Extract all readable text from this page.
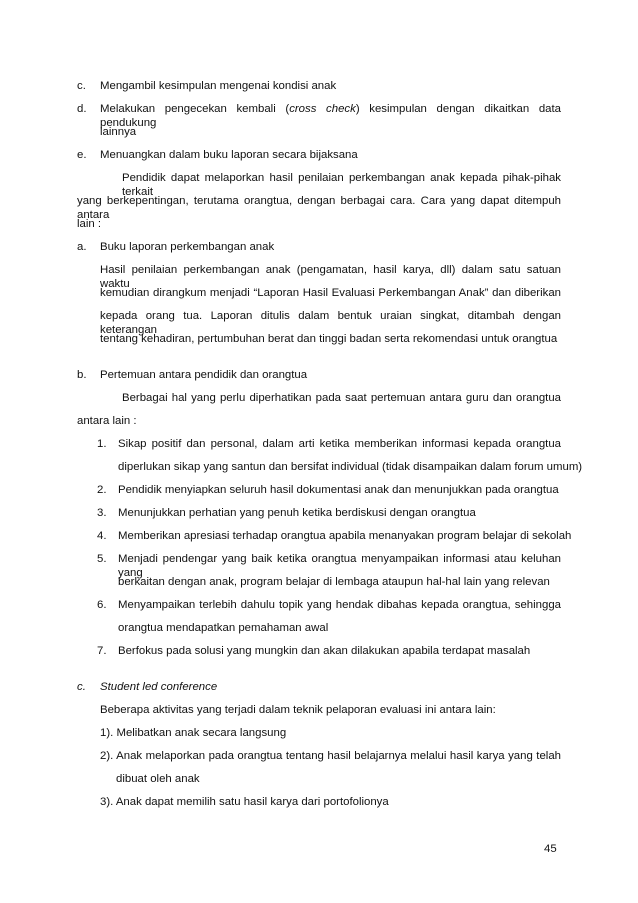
c. Mengambil kesimpulan mengenai kondisi anak
d. Melakukan pengecekan kembali (cross check) kesimpulan dengan dikaitkan data pendukung
lainnya
e. Menuangkan dalam buku laporan secara bijaksana
Pendidik dapat melaporkan hasil penilaian perkembangan anak kepada pihak-pihak terkait
yang berkepentingan, terutama orangtua, dengan berbagai cara. Cara yang dapat ditempuh antara
lain :
a. Buku laporan perkembangan anak
Hasil penilaian perkembangan anak (pengamatan, hasil karya, dll) dalam satu satuan waktu
kemudian dirangkum menjadi “Laporan Hasil Evaluasi Perkembangan Anak” dan diberikan
kepada orang tua. Laporan ditulis dalam bentuk uraian singkat, ditambah dengan keterangan
tentang kehadiran, pertumbuhan berat dan tinggi badan serta rekomendasi untuk orangtua
b. Pertemuan antara pendidik dan orangtua
Berbagai hal yang perlu diperhatikan pada saat pertemuan antara guru dan orangtua
antara lain :
1. Sikap positif dan personal, dalam arti ketika memberikan informasi kepada orangtua
diperlukan sikap yang santun dan bersifat individual (tidak disampaikan dalam forum umum)
2. Pendidik menyiapkan seluruh hasil dokumentasi anak dan menunjukkan pada orangtua
3. Menunjukkan perhatian yang penuh ketika berdiskusi dengan orangtua
4. Memberikan apresiasi terhadap orangtua apabila menanyakan program belajar di sekolah
5. Menjadi pendengar yang baik ketika orangtua menyampaikan informasi atau keluhan yang
berkaitan dengan anak, program belajar di lembaga ataupun hal-hal lain yang relevan
6. Menyampaikan terlebih dahulu topik yang hendak dibahas kepada orangtua, sehingga
orangtua mendapatkan pemahaman awal
7. Berfokus pada solusi yang mungkin dan akan dilakukan apabila terdapat masalah
c. Student led conference
Beberapa aktivitas yang terjadi dalam teknik pelaporan evaluasi ini antara lain:
1). Melibatkan anak secara langsung
2). Anak melaporkan pada orangtua tentang hasil belajarnya melalui hasil karya yang telah
dibuat oleh anak
3). Anak dapat memilih satu hasil karya dari portofolionya
45
